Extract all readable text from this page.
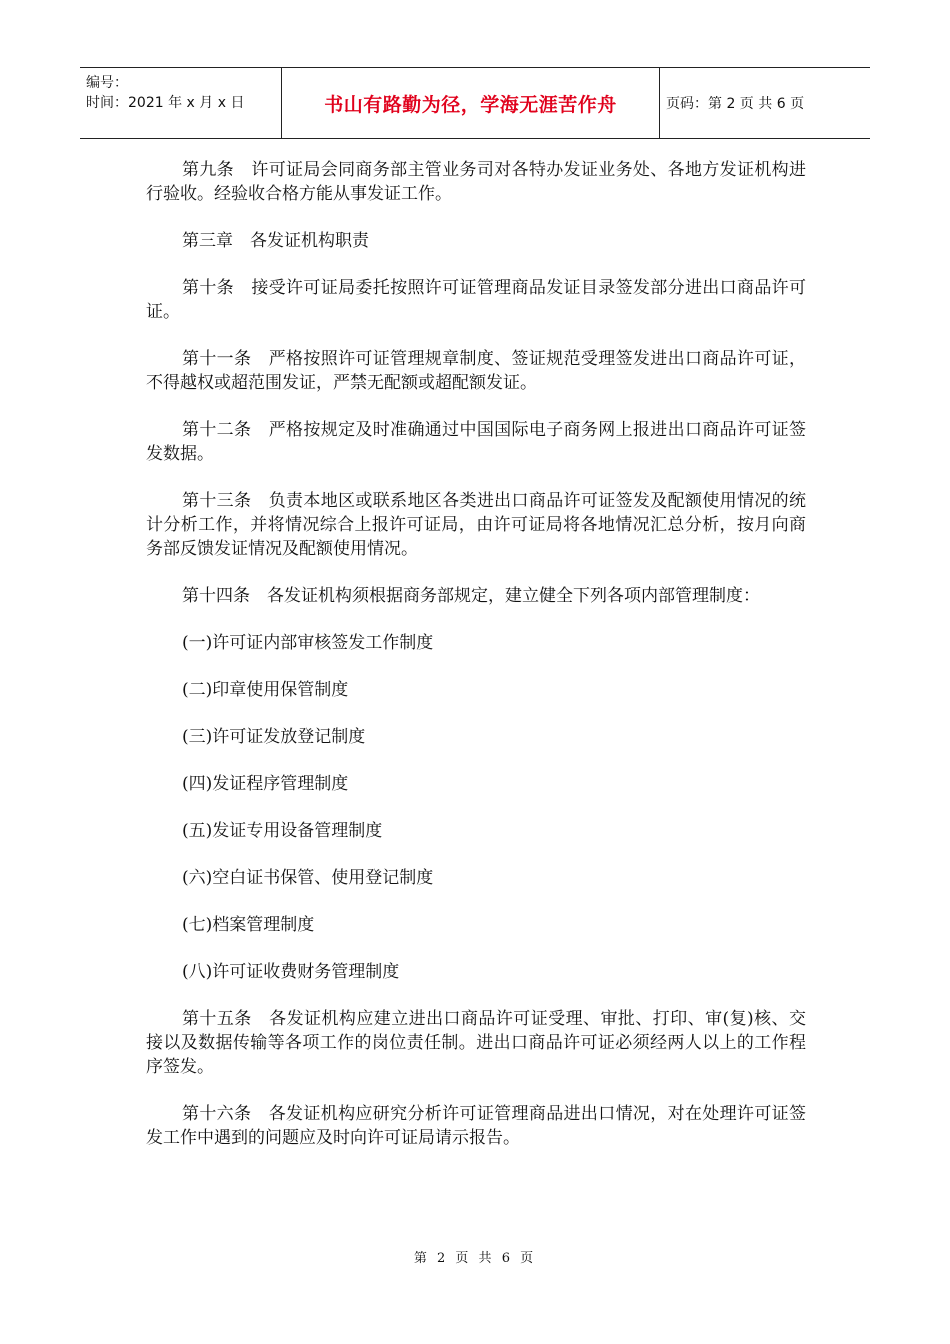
编号：
时间：2021 年 x 月 x 日	书山有路勤为径，学海无涯苦作舟	页码：第 2 页 共 6 页

第九条　许可证局会同商务部主管业务司对各特办发证业务处、各地方发证机构进行验收。经验收合格方能从事发证工作。

第三章　各发证机构职责

第十条　接受许可证局委托按照许可证管理商品发证目录签发部分进出口商品许可证。

第十一条　严格按照许可证管理规章制度、签证规范受理签发进出口商品许可证，不得越权或超范围发证，严禁无配额或超配额发证。

第十二条　严格按规定及时准确通过中国国际电子商务网上报进出口商品许可证签发数据。

第十三条　负责本地区或联系地区各类进出口商品许可证签发及配额使用情况的统计分析工作，并将情况综合上报许可证局，由许可证局将各地情况汇总分析，按月向商务部反馈发证情况及配额使用情况。

第十四条　各发证机构须根据商务部规定，建立健全下列各项内部管理制度：

(一)许可证内部审核签发工作制度

(二)印章使用保管制度

(三)许可证发放登记制度

(四)发证程序管理制度

(五)发证专用设备管理制度

(六)空白证书保管、使用登记制度

(七)档案管理制度

(八)许可证收费财务管理制度

第十五条　各发证机构应建立进出口商品许可证受理、审批、打印、审(复)核、交接以及数据传输等各项工作的岗位责任制。进出口商品许可证必须经两人以上的工作程序签发。

第十六条　各发证机构应研究分析许可证管理商品进出口情况，对在处理许可证签发工作中遇到的问题应及时向许可证局请示报告。

第 2 页 共 6 页
